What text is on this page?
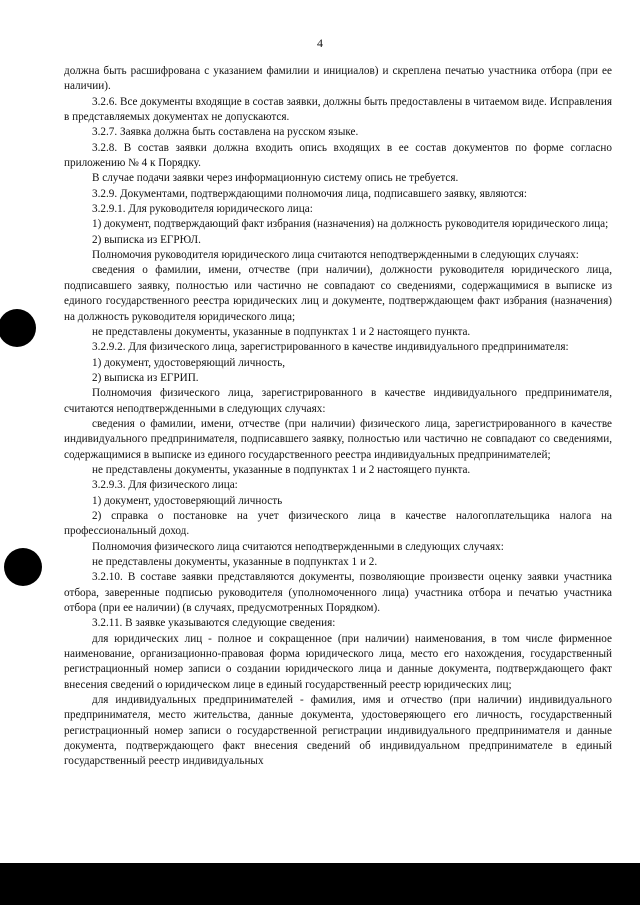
4

должна быть расшифрована с указанием фамилии и инициалов) и скреплена печатью участника отбора (при ее наличии).

3.2.6. Все документы входящие в состав заявки, должны быть предоставлены в читаемом виде. Исправления в представляемых документах не допускаются.

3.2.7. Заявка должна быть составлена на русском языке.

3.2.8. В состав заявки должна входить опись входящих в ее состав документов по форме согласно приложению № 4 к Порядку.

В случае подачи заявки через информационную систему опись не требуется.

3.2.9. Документами, подтверждающими полномочия лица, подписавшего заявку, являются:

3.2.9.1. Для руководителя юридического лица:

1) документ, подтверждающий факт избрания (назначения) на должность руководителя юридического лица;

2) выписка из ЕГРЮЛ.

Полномочия руководителя юридического лица считаются неподтвержденными в следующих случаях:

сведения о фамилии, имени, отчестве (при наличии), должности руководителя юридического лица, подписавшего заявку, полностью или частично не совпадают со сведениями, содержащимися в выписке из единого государственного реестра юридических лиц и документе, подтверждающем факт избрания (назначения) на должность руководителя юридического лица;

не представлены документы, указанные в подпунктах 1 и 2 настоящего пункта.

3.2.9.2. Для физического лица, зарегистрированного в качестве индивидуального предпринимателя:

1) документ, удостоверяющий личность,

2) выписка из ЕГРИП.

Полномочия физического лица, зарегистрированного в качестве индивидуального предпринимателя, считаются неподтвержденными в следующих случаях:

сведения о фамилии, имени, отчестве (при наличии) физического лица, зарегистрированного в качестве индивидуального предпринимателя, подписавшего заявку, полностью или частично не совпадают со сведениями, содержащимися в выписке из единого государственного реестра индивидуальных предпринимателей;

не представлены документы, указанные в подпунктах 1 и 2 настоящего пункта.

3.2.9.3. Для физического лица:

1) документ, удостоверяющий личность

2) справка о постановке на учет физического лица в качестве налогоплательщика налога на профессиональный доход.

Полномочия физического лица считаются неподтвержденными в следующих случаях:

не представлены документы, указанные в подпунктах 1 и 2.

3.2.10. В составе заявки представляются документы, позволяющие произвести оценку заявки участника отбора, заверенные подписью руководителя (уполномоченного лица) участника отбора и печатью участника отбора (при ее наличии) (в случаях, предусмотренных Порядком).

3.2.11. В заявке указываются следующие сведения:

для юридических лиц - полное и сокращенное (при наличии) наименования, в том числе фирменное наименование, организационно-правовая форма юридического лица, место его нахождения, государственный регистрационный номер записи о создании юридического лица и данные документа, подтверждающего факт внесения сведений о юридическом лице в единый государственный реестр юридических лиц;

для индивидуальных предпринимателей - фамилия, имя и отчество (при наличии) индивидуального предпринимателя, место жительства, данные документа, удостоверяющего его личность, государственный регистрационный номер записи о государственной регистрации индивидуального предпринимателя и данные документа, подтверждающего факт внесения сведений об индивидуальном предпринимателе в единый государственный реестр индивидуальных
